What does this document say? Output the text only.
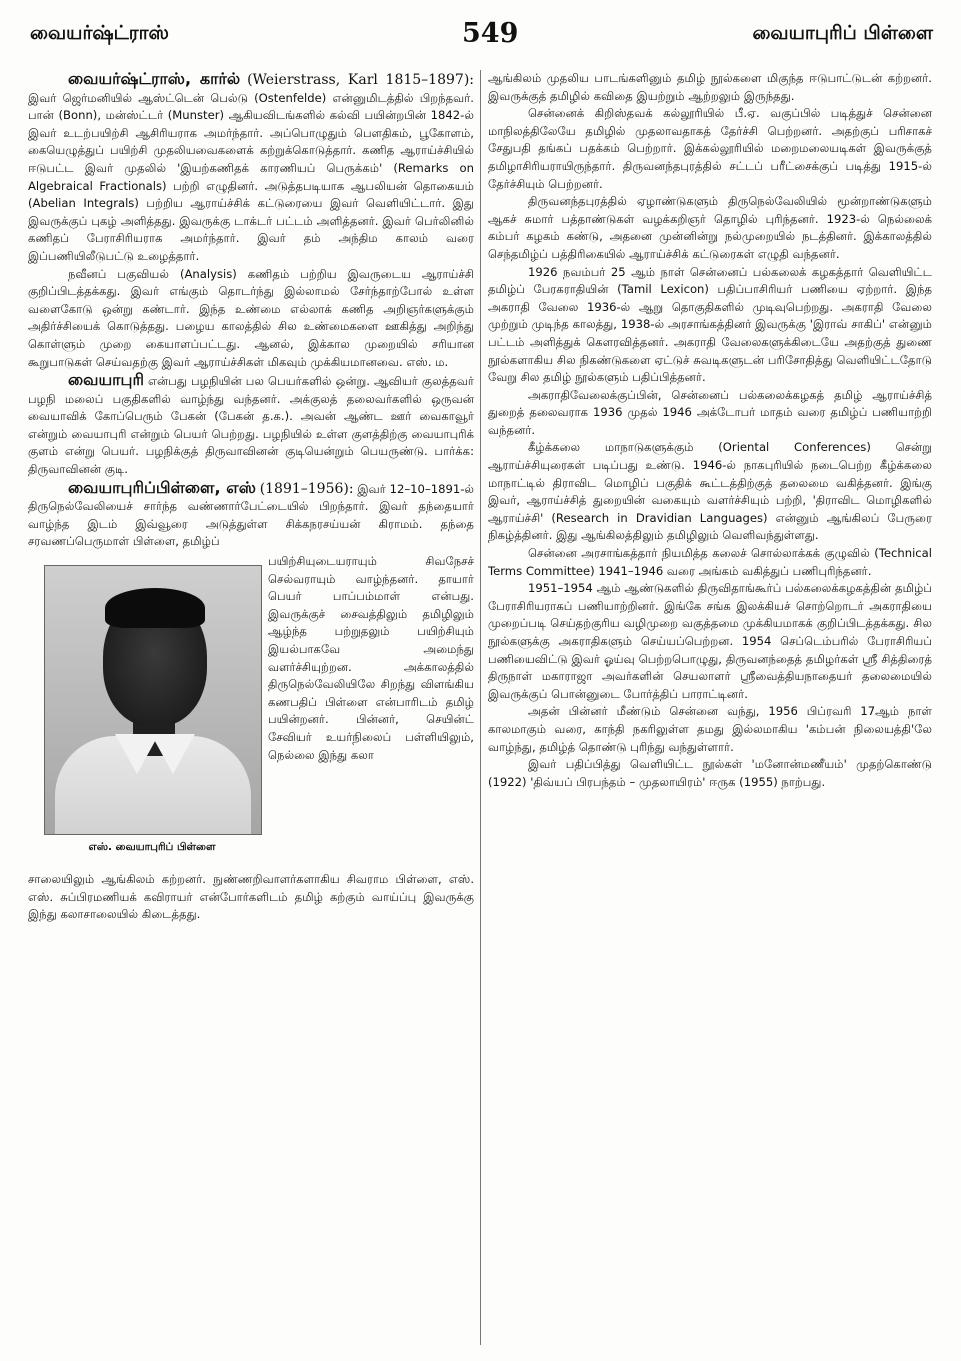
வையர்ஷ்ட்ராஸ்	549	வையாபுரிப் பிள்ளை

வையர்ஷ்ட்ராஸ், கார்ல் (Weierstrass, Karl 1815–1897): இவர் ஜெர்மனியில் ஆஸ்ட்டென் பெல்டு (Ostenfelde) என்னுமிடத்தில் பிறந்தவர். பான் (Bonn), மன்ஸ்ட்டர் (Munster) ஆகியவிடங்களில் கல்வி பயின்றபின் 1842-ல் இவர் உடற்பயிற்சி ஆசிரியராக அமர்ந்தார். அப்பொழுதும் பௌதிகம், பூகோளம், கையெழுத்துப் பயிற்சி முதலியவைகளைக் கற்றுக்கொடுத்தார். கணித ஆராய்ச்சியில் ஈடுபட்ட இவர் முதலில் 'இயற்கணிதக் காரணியப் பெருக்கம்' (Remarks on Algebraical Fractionals) பற்றி எழுதினர். அடுத்தபடியாக ஆபலியன் தொகையம் (Abelian Integrals) பற்றிய ஆராய்ச்சிக் கட்டுரையை இவர் வெளியிட்டார். இது இவருக்குப் புகழ் அளித்தது. இவருக்கு டாக்டர் பட்டம் அளித்தனர். இவர் பெர்லினில் கணிதப் பேராசிரியராக அமர்ந்தார். இவர் தம் அந்திம காலம் வரை இப்பணியிலீடுபட்டு உழைத்தார்.

நவீனப் பகுவியல் (Analysis) கணிதம் பற்றிய இவருடைய ஆராய்ச்சி குறிப்பிடத்தக்கது. இவர் எங்கும் தொடர்ந்து இல்லாமல் சேர்ந்தாற்போல் உள்ள வளைகோடு ஒன்று கண்டார். இந்த உண்மை எல்லாக் கணித அறிஞர்களுக்கும் அதிர்ச்சியைக் கொடுத்தது. பழைய காலத்தில் சில உண்மைகளை ஊகித்து அறிந்து கொள்ளும் முறை கையாளப்பட்டது. ஆனல், இக்கால முறையில் சரியான கூறுபாடுகள் செய்வதற்கு இவர் ஆராய்ச்சிகள் மிகவும் முக்கியமானவை. எஸ். ம.

வையாபுரி என்பது பழநியின் பல பெயர்களில் ஒன்று. ஆவியர் குலத்தவர் பழநி மலைப் பகுதிகளில் வாழ்ந்து வந்தனர். அக்குலத் தலைவர்களில் ஒருவன் வையாவிக் கோப்பெரும் பேகன் (பேகன் த.க.). அவன் ஆண்ட ஊர் வைகாவூர் என்றும் வையாபுரி என்றும் பெயர் பெற்றது. பழநியில் உள்ள குளத்திற்கு வையாபுரிக் குளம் என்று பெயர். பழநிக்குத் திருவாவினன் குடியென்றும் பெயருண்டு. பார்க்க: திருவாவினன் குடி.

வையாபுரிப்பிள்ளை, எஸ் (1891–1956): இவர் 12–10–1891-ல் திருநெல்வேலியைச் சார்ந்த வண்ணார்பேட்டையில் பிறந்தார். இவர் தந்தையார் வாழ்ந்த இடம் இவ்வூரை அடுத்துள்ள சிக்கநரசய்யன் கிராமம். தந்தை சரவணப்பெருமாள் பிள்ளை, தமிழ்ப்

எஸ். வையாபுரிப் பிள்ளை

பயிற்சியுடையராயும் சிவநேசச் செல்வராயும் வாழ்ந்தனர். தாயார் பெயர் பாப்பம்மாள் என்பது. இவருக்குச் சைவத்திலும் தமிழிலும் ஆழ்ந்த பற்றுதலும் பயிற்சியும் இயல்பாகவே அமைந்து வளர்ச்சியுற்றன. அக்காலத்தில் திருநெல்வேலியிலே சிறந்து விளங்கிய கணபதிப் பிள்ளை என்பாரிடம் தமிழ் பயின்றனர். பின்னர், செயின்ட் சேவியர் உயர்நிலைப் பள்ளியிலும், நெல்லை இந்து கலா

சாலையிலும் ஆங்கிலம் கற்றனர். நுண்ணறிவாளர்களாகிய சிவராம பிள்ளை, எஸ். எஸ். சுப்பிரமணியக் கவிராயர் என்போர்களிடம் தமிழ் கற்கும் வாய்ப்பு இவருக்கு இந்து கலாசாலையில் கிடைத்தது.

ஆங்கிலம் முதலிய பாடங்களினும் தமிழ் நூல்களை மிகுந்த ஈடுபாட்டுடன் கற்றனர். இவருக்குத் தமிழில் கவிதை இயற்றும் ஆற்றலும் இருந்தது.

சென்னைக் கிறிஸ்தவக் கல்லூரியில் பீ.ஏ. வகுப்பில் படித்துச் சென்னை மாநிலத்திலேயே தமிழில் முதலாவதாகத் தேர்ச்சி பெற்றனர். அதற்குப் பரிசாகச் சேதுபதி தங்கப் பதக்கம் பெற்றார். இக்கல்லூரியில் மறைமலையடிகள் இவருக்குத் தமிழாசிரியராயிருந்தார். திருவனந்தபுரத்தில் சட்டப் பரீட்சைக்குப் படித்து 1915-ல் தேர்ச்சியும் பெற்றனர்.

திருவனந்தபுரத்தில் ஏழாண்டுகளும் திருநெல்வேலியில் மூன்றாண்டுகளும் ஆகச் சுமார் பத்தாண்டுகள் வழக்கறிஞர் தொழில் புரிந்தனர். 1923-ல் நெல்லைக் கம்பர் கழகம் கண்டு, அதனை முன்னின்று நல்முறையில் நடத்தினர். இக்காலத்தில் செந்தமிழ்ப் பத்திரிகையில் ஆராய்ச்சிக் கட்டுரைகள் எழுதி வந்தனர்.

1926 நவம்பர் 25 ஆம் நாள் சென்னைப் பல்கலைக் கழகத்தார் வெளியிட்ட தமிழ்ப் பேரகராதியின் (Tamil Lexicon) பதிப்பாசிரியர் பணியை ஏற்றார். இந்த அகராதி வேலை 1936-ல் ஆறு தொகுதிகளில் முடிவுபெற்றது. அகராதி வேலை முற்றும் முடிந்த காலத்து, 1938-ல் அரசாங்கத்தினர் இவருக்கு 'இராவ் சாகிப்' என்னும் பட்டம் அளித்துக் கௌரவித்தனர். அகராதி வேலைகளுக்கிடையே அதற்குத் துணை நூல்களாகிய சில நிகண்டுகளை ஏட்டுச் சுவடிகளுடன் பரிசோதித்து வெளியிட்டதோடு வேறு சில தமிழ் நூல்களும் பதிப்பித்தனர்.

அகராதிவேலைக்குப்பின், சென்னைப் பல்கலைக்கழகத் தமிழ் ஆராய்ச்சித் துறைத் தலைவராக 1936 முதல் 1946 அக்டோபர் மாதம் வரை தமிழ்ப் பணியாற்றி வந்தனர்.

கீழ்க்கலை மாநாடுகளுக்கும் (Oriental Conferences) சென்று ஆராய்ச்சியுரைகள் படிப்பது உண்டு. 1946-ல் நாகபுரியில் நடைபெற்ற கீழ்க்கலை மாநாட்டில் திராவிட மொழிப் பகுதிக் கூட்டத்திற்குத் தலைமை வகித்தனர். இங்கு இவர், ஆராய்ச்சித் துறையின் வகையும் வளர்ச்சியும் பற்றி, 'திராவிட மொழிகளில் ஆராய்ச்சி' (Research in Dravidian Languages) என்னும் ஆங்கிலப் பேருரை நிகழ்த்தினர். இது ஆங்கிலத்திலும் தமிழிலும் வெளிவந்துள்ளது.

சென்னை அரசாங்கத்தார் நியமித்த கலைச் சொல்லாக்கக் குழுவில் (Technical Terms Committee) 1941–1946 வரை அங்கம் வகித்துப் பணிபுரிந்தனர்.

1951–1954 ஆம் ஆண்டுகளில் திருவிதாங்கூர்ப் பல்கலைக்கழகத்தின் தமிழ்ப் பேராசிரியராகப் பணியாற்றினர். இங்கே சங்க இலக்கியச் சொற்றொடர் அகராதியை முறைப்படி செய்தற்குரிய வழிமுறை வகுத்தமை முக்கியமாகக் குறிப்பிடத்தக்கது. சில நூல்களுக்கு அகராதிகளும் செய்யப்பெற்றன. 1954 செப்டெம்பரில் பேராசிரியப் பணியைவிட்டு இவர் ஓய்வு பெற்றபொழுது, திருவனந்தைத் தமிழர்கள் ஸ்ரீ சித்திரைத் திருநாள் மகாராஜா அவர்களின் செயலாளர் ஸ்ரீவைத்தியநாதையர் தலைமையில் இவருக்குப் பொன்னுடை போர்த்திப் பாராட்டினர்.

அதன் பின்னர் மீண்டும் சென்னை வந்து, 1956 பிப்ரவரி 17ஆம் நாள் காலமாகும் வரை, காந்தி நகரிலுள்ள தமது இல்லமாகிய 'கம்பன் நிலையத்தி'லே வாழ்ந்து, தமிழ்த் தொண்டு புரிந்து வந்துள்ளார்.

இவர் பதிப்பித்து வெளியிட்ட நூல்கள் 'மனோன்மணீயம்' முதற்கொண்டு (1922) 'திவ்யப் பிரபந்தம் – முதலாயிரம்' ஈருக (1955) நாற்பது.
